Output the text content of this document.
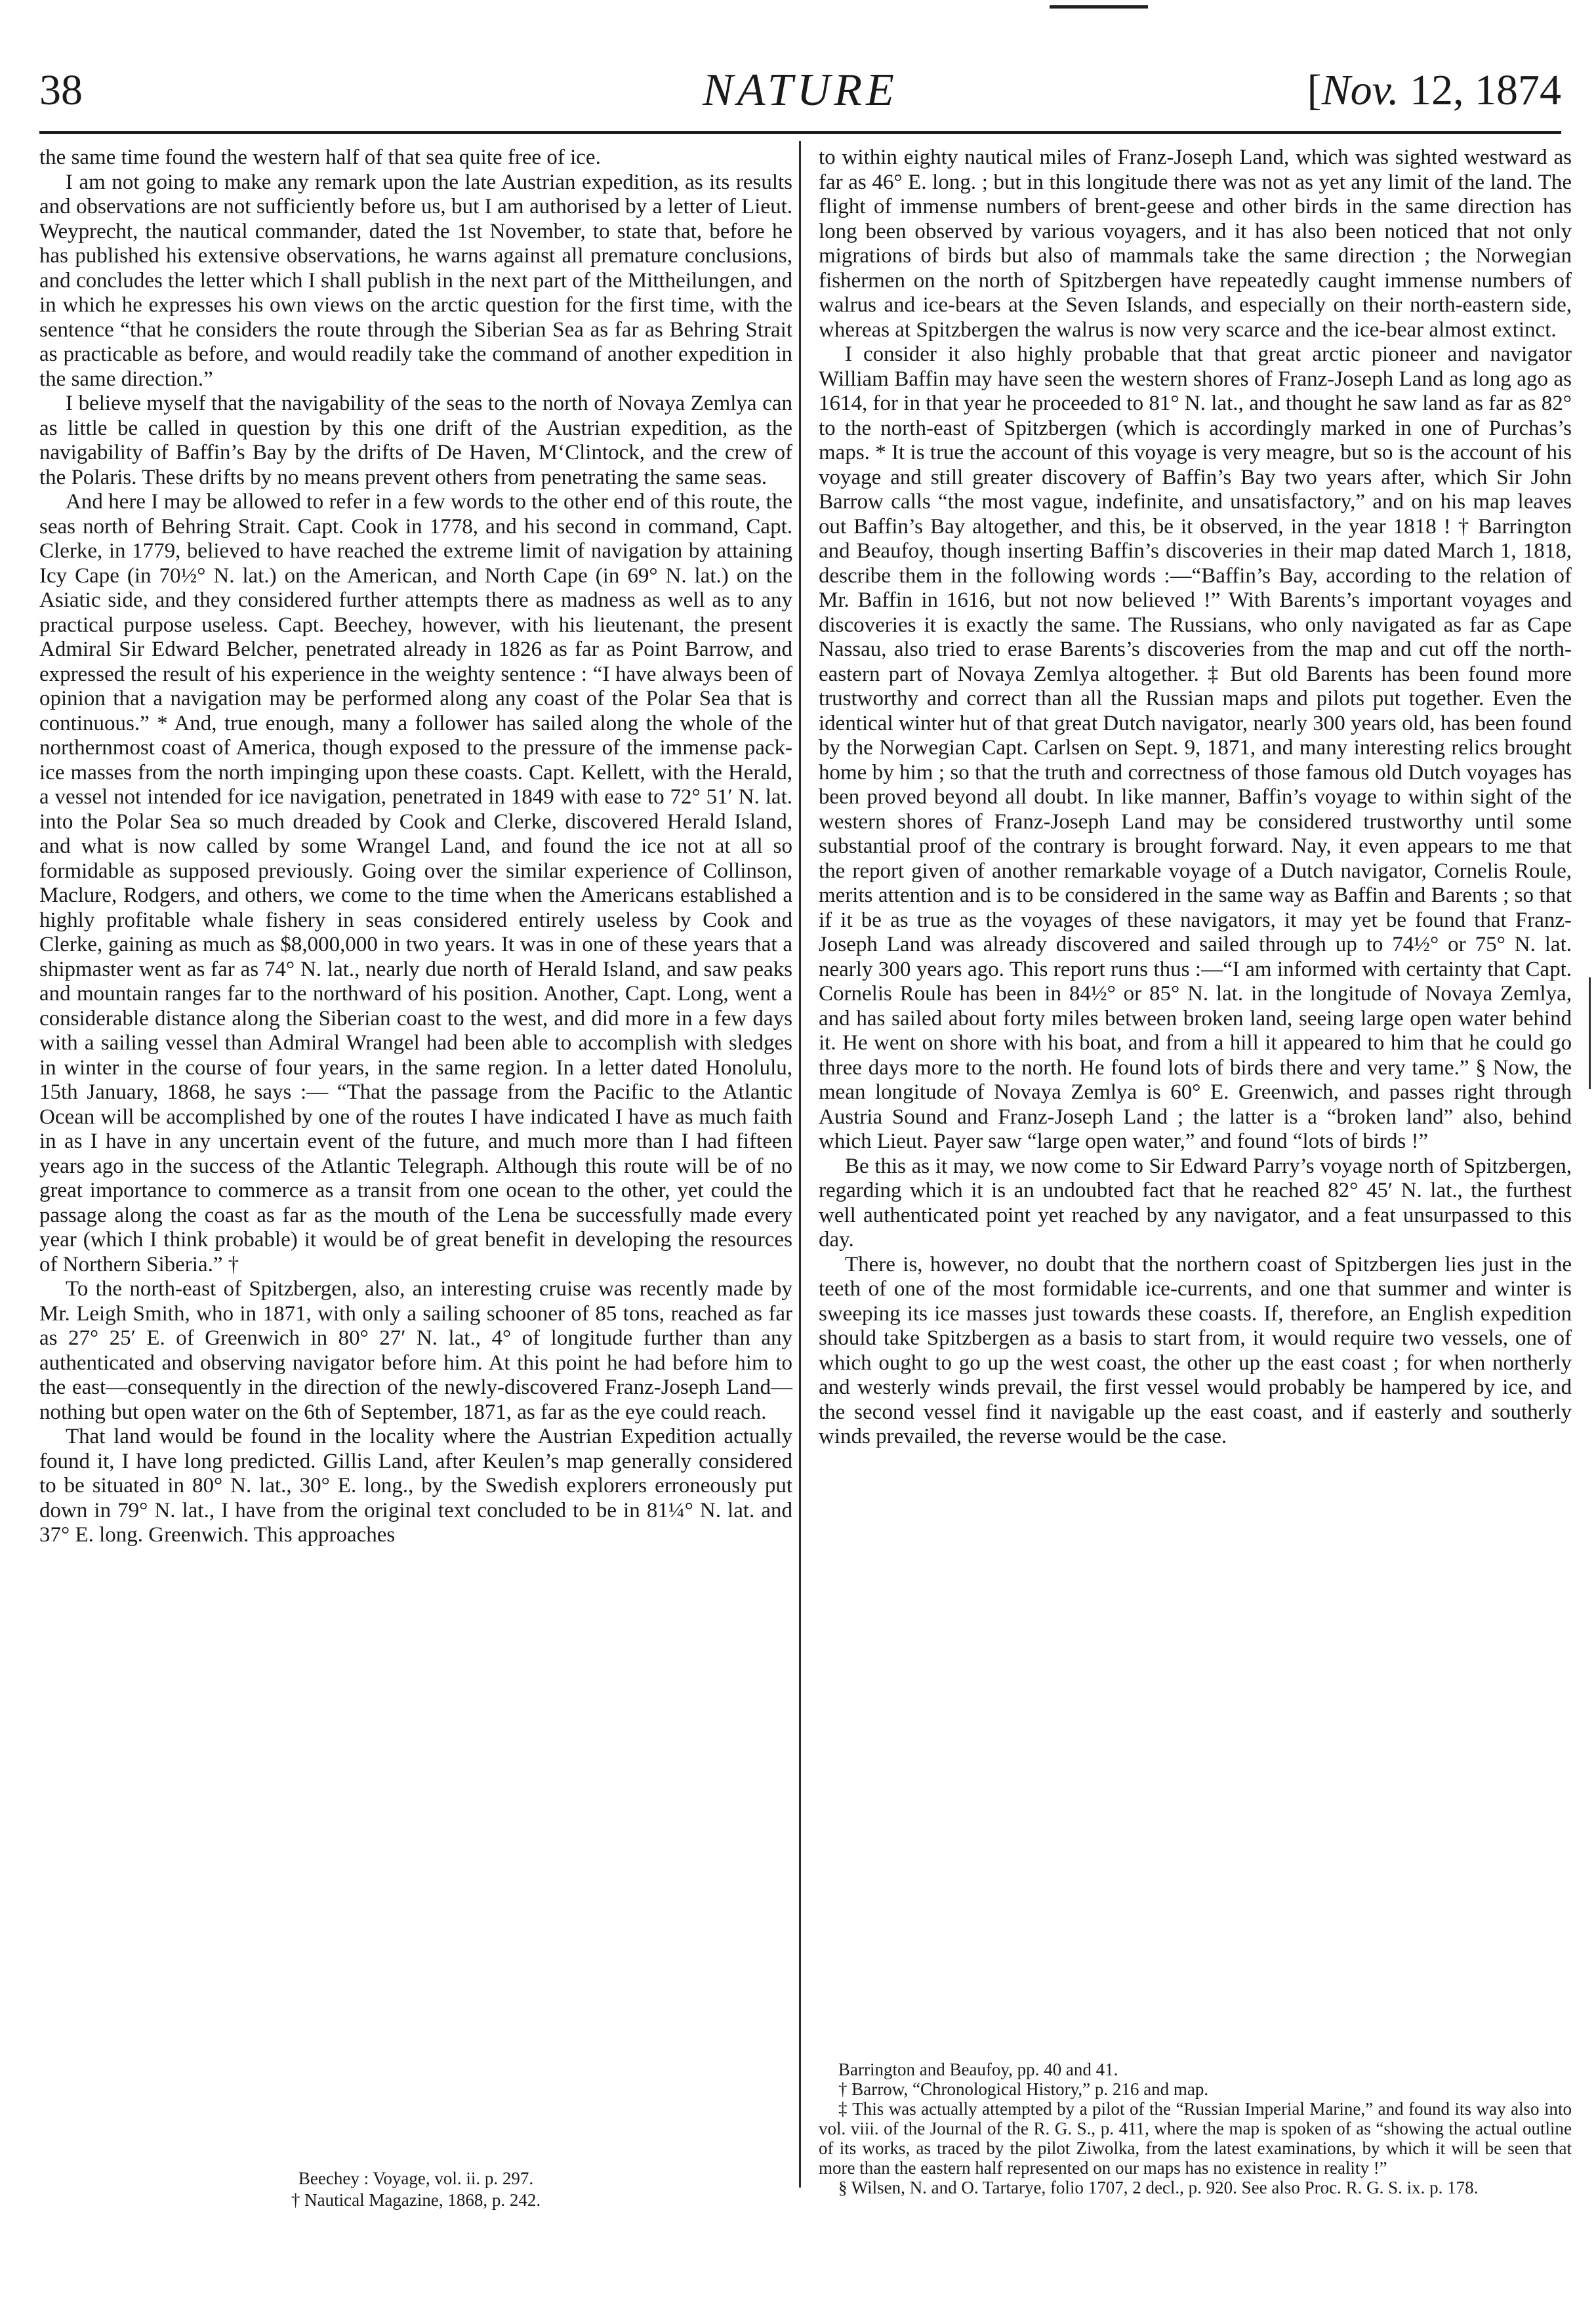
38	NATURE	[Nov. 12, 1874

the same time found the western half of that sea quite free of ice.

I am not going to make any remark upon the late Austrian expedition, as its results and observations are not sufficiently before us, but I am authorised by a letter of Lieut. Weyprecht, the nautical commander, dated the 1st November, to state that, before he has published his extensive observations, he warns against all premature conclusions, and concludes the letter which I shall publish in the next part of the Mittheilungen, and in which he expresses his own views on the arctic question for the first time, with the sentence “that he considers the route through the Siberian Sea as far as Behring Strait as practicable as before, and would readily take the command of another expedition in the same direction.”

I believe myself that the navigability of the seas to the north of Novaya Zemlya can as little be called in question by this one drift of the Austrian expedition, as the navigability of Baffin’s Bay by the drifts of De Haven, M‘Clintock, and the crew of the Polaris. These drifts by no means prevent others from penetrating the same seas.

And here I may be allowed to refer in a few words to the other end of this route, the seas north of Behring Strait. Capt. Cook in 1778, and his second in command, Capt. Clerke, in 1779, believed to have reached the extreme limit of navigation by attaining Icy Cape (in 70½° N. lat.) on the American, and North Cape (in 69° N. lat.) on the Asiatic side, and they considered further attempts there as madness as well as to any practical purpose useless. Capt. Beechey, however, with his lieutenant, the present Admiral Sir Edward Belcher, penetrated already in 1826 as far as Point Barrow, and expressed the result of his experience in the weighty sentence : “I have always been of opinion that a navigation may be performed along any coast of the Polar Sea that is continuous.” * And, true enough, many a follower has sailed along the whole of the northernmost coast of America, though exposed to the pressure of the immense pack-ice masses from the north impinging upon these coasts. Capt. Kellett, with the Herald, a vessel not intended for ice navigation, penetrated in 1849 with ease to 72° 51′ N. lat. into the Polar Sea so much dreaded by Cook and Clerke, discovered Herald Island, and what is now called by some Wrangel Land, and found the ice not at all so formidable as supposed previously. Going over the similar experience of Collinson, Maclure, Rodgers, and others, we come to the time when the Americans established a highly profitable whale fishery in seas considered entirely useless by Cook and Clerke, gaining as much as $8,000,000 in two years. It was in one of these years that a shipmaster went as far as 74° N. lat., nearly due north of Herald Island, and saw peaks and mountain ranges far to the northward of his position. Another, Capt. Long, went a considerable distance along the Siberian coast to the west, and did more in a few days with a sailing vessel than Admiral Wrangel had been able to accomplish with sledges in winter in the course of four years, in the same region. In a letter dated Honolulu, 15th January, 1868, he says :— “That the passage from the Pacific to the Atlantic Ocean will be accomplished by one of the routes I have indicated I have as much faith in as I have in any uncertain event of the future, and much more than I had fifteen years ago in the success of the Atlantic Telegraph. Although this route will be of no great importance to commerce as a transit from one ocean to the other, yet could the passage along the coast as far as the mouth of the Lena be successfully made every year (which I think probable) it would be of great benefit in developing the resources of Northern Siberia.” †

To the north-east of Spitzbergen, also, an interesting cruise was recently made by Mr. Leigh Smith, who in 1871, with only a sailing schooner of 85 tons, reached as far as 27° 25′ E. of Greenwich in 80° 27′ N. lat., 4° of longitude further than any authenticated and observing navigator before him. At this point he had before him to the east—consequently in the direction of the newly-discovered Franz-Joseph Land—nothing but open water on the 6th of September, 1871, as far as the eye could reach.

That land would be found in the locality where the Austrian Expedition actually found it, I have long predicted. Gillis Land, after Keulen’s map generally considered to be situated in 80° N. lat., 30° E. long., by the Swedish explorers erroneously put down in 79° N. lat., I have from the original text concluded to be in 81¼° N. lat. and 37° E. long. Greenwich. This approaches

to within eighty nautical miles of Franz-Joseph Land, which was sighted westward as far as 46° E. long. ; but in this longitude there was not as yet any limit of the land. The flight of immense numbers of brent-geese and other birds in the same direction has long been observed by various voyagers, and it has also been noticed that not only migrations of birds but also of mammals take the same direction ; the Norwegian fishermen on the north of Spitzbergen have repeatedly caught immense numbers of walrus and ice-bears at the Seven Islands, and especially on their north-eastern side, whereas at Spitzbergen the walrus is now very scarce and the ice-bear almost extinct.

I consider it also highly probable that that great arctic pioneer and navigator William Baffin may have seen the western shores of Franz-Joseph Land as long ago as 1614, for in that year he proceeded to 81° N. lat., and thought he saw land as far as 82° to the north-east of Spitzbergen (which is accordingly marked in one of Purchas’s maps. * It is true the account of this voyage is very meagre, but so is the account of his voyage and still greater discovery of Baffin’s Bay two years after, which Sir John Barrow calls “the most vague, indefinite, and unsatisfactory,” and on his map leaves out Baffin’s Bay altogether, and this, be it observed, in the year 1818 ! † Barrington and Beaufoy, though inserting Baffin’s discoveries in their map dated March 1, 1818, describe them in the following words :—“Baffin’s Bay, according to the relation of Mr. Baffin in 1616, but not now believed !” With Barents’s important voyages and discoveries it is exactly the same. The Russians, who only navigated as far as Cape Nassau, also tried to erase Barents’s discoveries from the map and cut off the north-eastern part of Novaya Zemlya altogether. ‡ But old Barents has been found more trustworthy and correct than all the Russian maps and pilots put together. Even the identical winter hut of that great Dutch navigator, nearly 300 years old, has been found by the Norwegian Capt. Carlsen on Sept. 9, 1871, and many interesting relics brought home by him ; so that the truth and correctness of those famous old Dutch voyages has been proved beyond all doubt. In like manner, Baffin’s voyage to within sight of the western shores of Franz-Joseph Land may be considered trustworthy until some substantial proof of the contrary is brought forward. Nay, it even appears to me that the report given of another remarkable voyage of a Dutch navigator, Cornelis Roule, merits attention and is to be considered in the same way as Baffin and Barents ; so that if it be as true as the voyages of these navigators, it may yet be found that Franz-Joseph Land was already discovered and sailed through up to 74½° or 75° N. lat. nearly 300 years ago. This report runs thus :—“I am informed with certainty that Capt. Cornelis Roule has been in 84½° or 85° N. lat. in the longitude of Novaya Zemlya, and has sailed about forty miles between broken land, seeing large open water behind it. He went on shore with his boat, and from a hill it appeared to him that he could go three days more to the north. He found lots of birds there and very tame.” § Now, the mean longitude of Novaya Zemlya is 60° E. Greenwich, and passes right through Austria Sound and Franz-Joseph Land ; the latter is a “broken land” also, behind which Lieut. Payer saw “large open water,” and found “lots of birds !”

Be this as it may, we now come to Sir Edward Parry’s voyage north of Spitzbergen, regarding which it is an undoubted fact that he reached 82° 45′ N. lat., the furthest well authenticated point yet reached by any navigator, and a feat unsurpassed to this day.

There is, however, no doubt that the northern coast of Spitzbergen lies just in the teeth of one of the most formidable ice-currents, and one that summer and winter is sweeping its ice masses just towards these coasts. If, therefore, an English expedition should take Spitzbergen as a basis to start from, it would require two vessels, one of which ought to go up the west coast, the other up the east coast ; for when northerly and westerly winds prevail, the first vessel would probably be hampered by ice, and the second vessel find it navigable up the east coast, and if easterly and southerly winds prevailed, the reverse would be the case.

Beechey : Voyage, vol. ii. p. 297.

† Nautical Magazine, 1868, p. 242.

Barrington and Beaufoy, pp. 40 and 41.

† Barrow, “Chronological History,” p. 216 and map.

‡ This was actually attempted by a pilot of the “Russian Imperial Marine,” and found its way also into vol. viii. of the Journal of the R. G. S., p. 411, where the map is spoken of as “showing the actual outline of its works, as traced by the pilot Ziwolka, from the latest examinations, by which it will be seen that more than the eastern half represented on our maps has no existence in reality !”

§ Wilsen, N. and O. Tartarye, folio 1707, 2 decl., p. 920. See also Proc. R. G. S. ix. p. 178.
